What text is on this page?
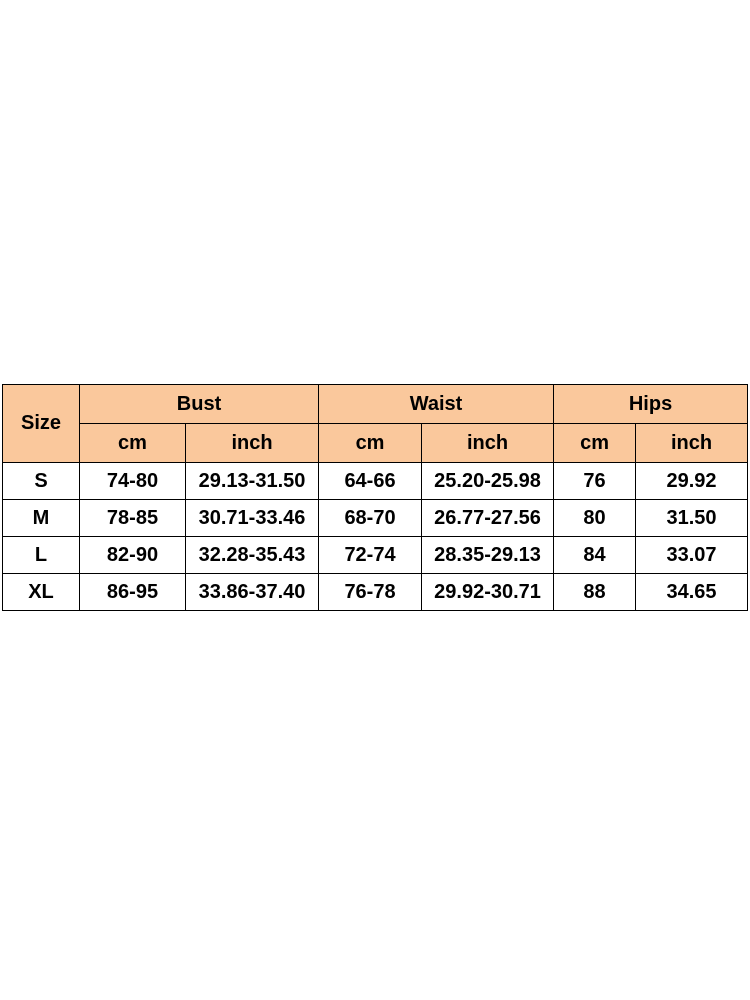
Size	Bust		Waist		Hips	
	cm	inch	cm	inch	cm	inch
S	74-80	29.13-31.50	64-66	25.20-25.98	76	29.92
M	78-85	30.71-33.46	68-70	26.77-27.56	80	31.50
L	82-90	32.28-35.43	72-74	28.35-29.13	84	33.07
XL	86-95	33.86-37.40	76-78	29.92-30.71	88	34.65
